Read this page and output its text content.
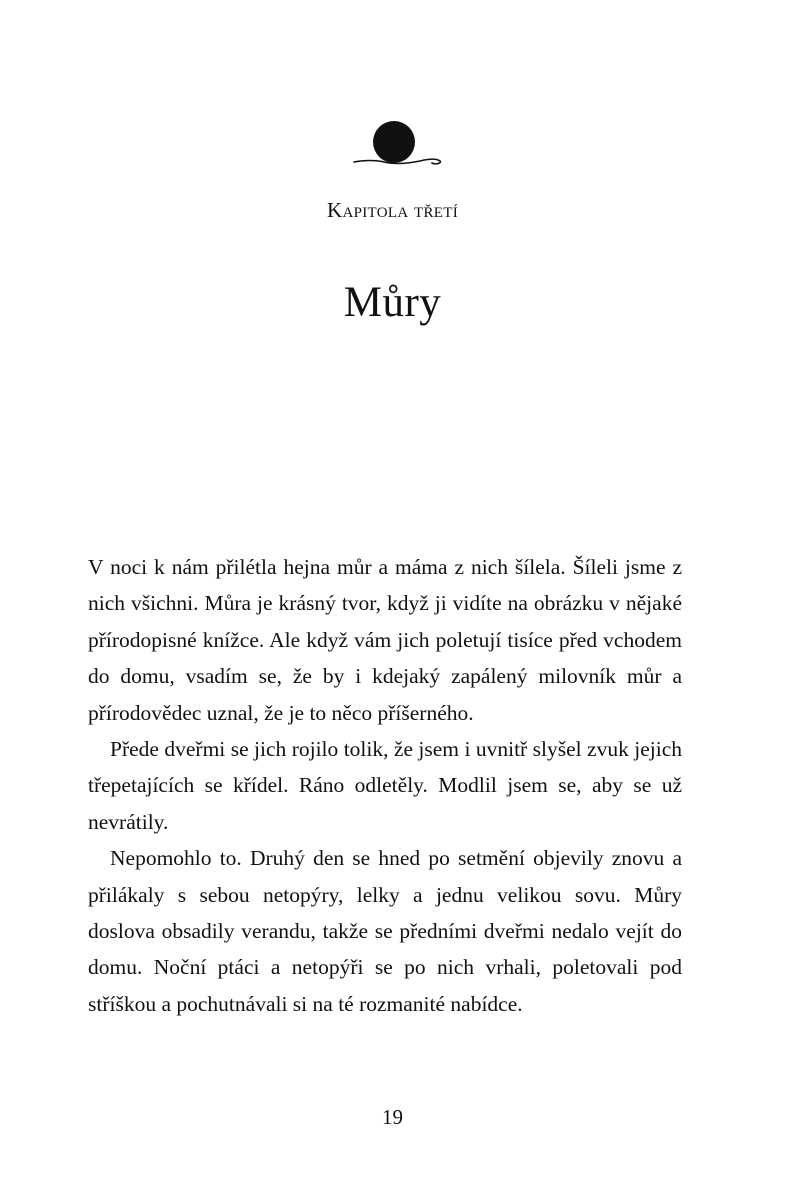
Kapitola třetí
Můry

V noci k nám přilétla hejna můr a máma z nich šílela. Šíleli jsme z nich všichni. Můra je krásný tvor, když ji vidíte na obrázku v nějaké přírodopisné knížce. Ale když vám jich poletují tisíce před vchodem do domu, vsadím se, že by i kdejaký zapálený milovník můr a přírodovědec uznal, že je to něco příšerného.

Přede dveřmi se jich rojilo tolik, že jsem i uvnitř slyšel zvuk jejich třepetajících se křídel. Ráno odletěly. Modlil jsem se, aby se už nevrátily.

Nepomohlo to. Druhý den se hned po setmění objevily znovu a přilákaly s sebou netopýry, lelky a jednu velikou sovu. Můry doslova obsadily verandu, takže se předními dveřmi nedalo vejít do domu. Noční ptáci a netopýři se po nich vrhali, poletovali pod stříškou a pochutnávali si na té rozmanité nabídce.

19
